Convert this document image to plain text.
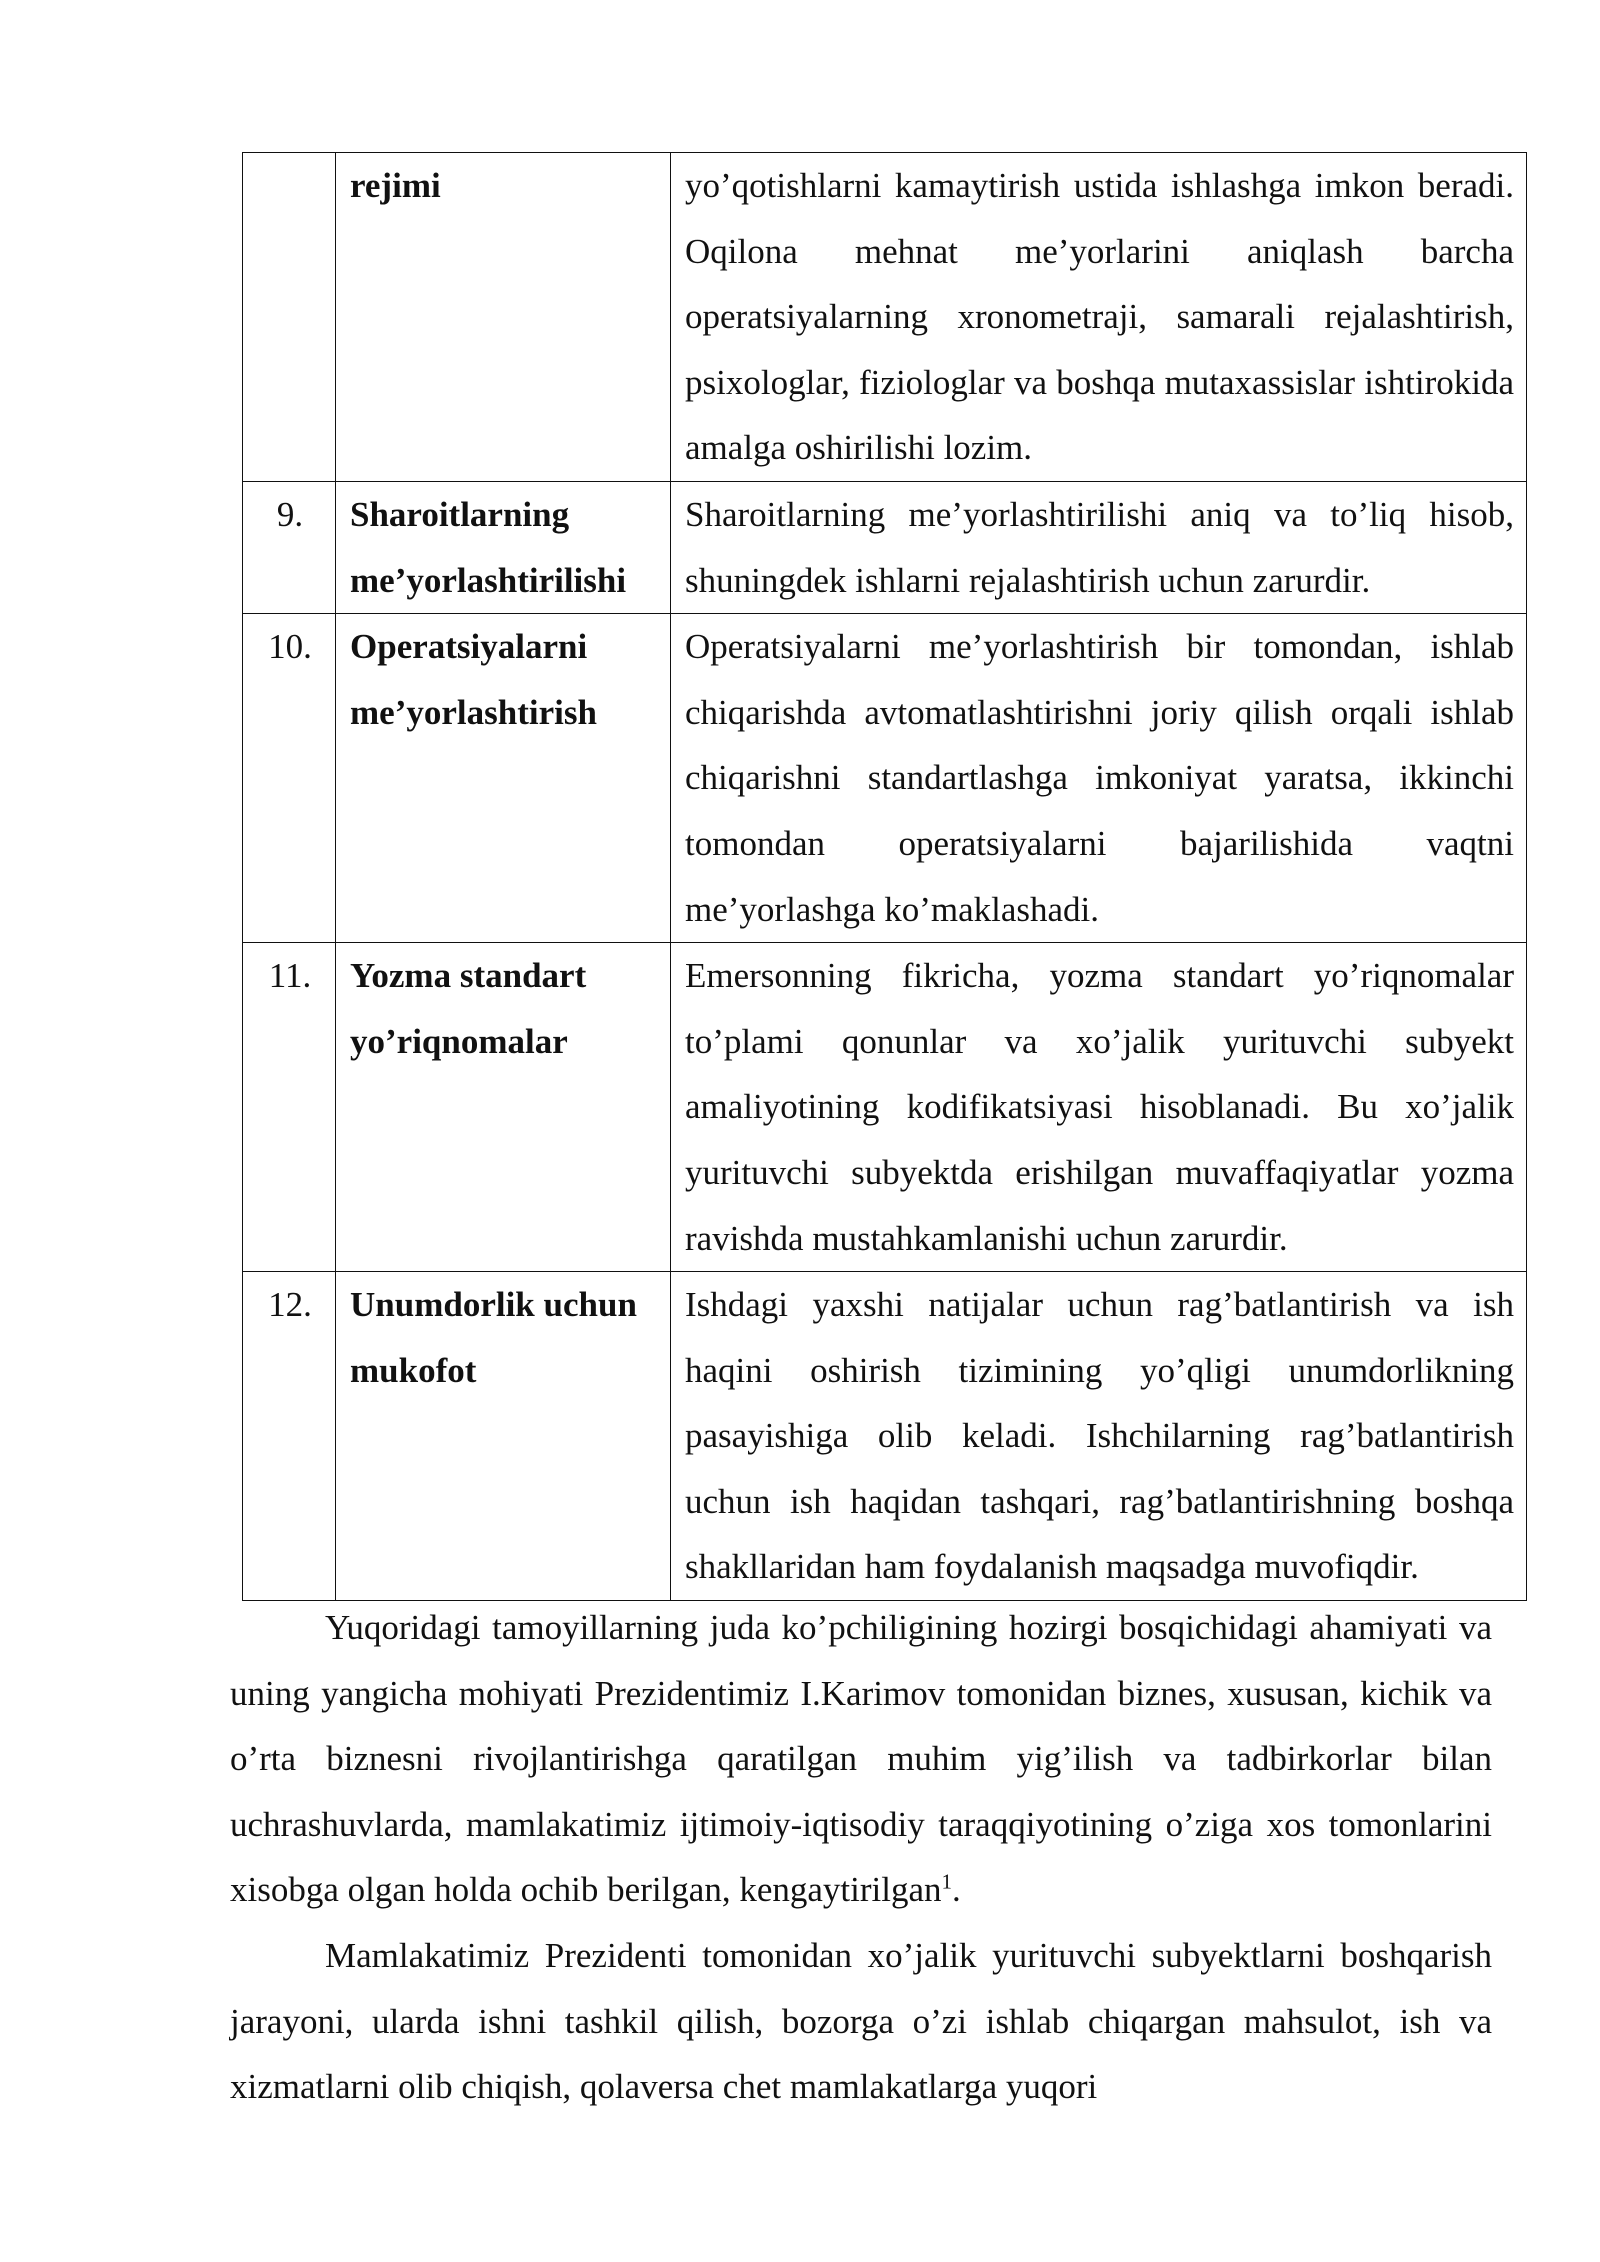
	rejimi	yo’qotishlarni kamaytirish ustida ishlashga imkon beradi. Oqilona mehnat me’yorlarini aniqlash barcha operatsiyalarning xronometraji, samarali rejalashtirish, psixologlar, fiziologlar va boshqa mutaxassislar ishtirokida amalga oshirilishi lozim.
9.	Sharoitlarning me’yorlashtirilishi	Sharoitlarning me’yorlashtirilishi aniq va to’liq hisob, shuningdek ishlarni rejalashtirish uchun zarurdir.
10.	Operatsiyalarni me’yorlashtirish	Operatsiyalarni me’yorlashtirish bir tomondan, ishlab chiqarishda avtomatlashtirishni joriy qilish orqali ishlab chiqarishni standartlashga imkoniyat yaratsa, ikkinchi tomondan operatsiyalarni bajarilishida vaqtni me’yorlashga ko’maklashadi.
11.	Yozma standart yo’riqnomalar	Emersonning fikricha, yozma standart yo’riqnomalar to’plami qonunlar va xo’jalik yurituvchi subyekt amaliyotining kodifikatsiyasi hisoblanadi. Bu xo’jalik yurituvchi subyektda erishilgan muvaffaqiyatlar yozma ravishda mustahkamlanishi uchun zarurdir.
12.	Unumdorlik uchun mukofot	Ishdagi yaxshi natijalar uchun rag’batlantirish va ish haqini oshirish tizimining yo’qligi unumdorlikning pasayishiga olib keladi. Ishchilarning rag’batlantirish uchun ish haqidan tashqari, rag’batlantirishning boshqa shakllaridan ham foydalanish maqsadga muvofiqdir.

Yuqoridagi tamoyillarning juda ko’pchiligining hozirgi bosqichidagi ahamiyati va uning yangicha mohiyati Prezidentimiz I.Karimov tomonidan biznes, xususan, kichik va o’rta biznesni rivojlantirishga qaratilgan muhim yig’ilish va tadbirkorlar bilan uchrashuvlarda, mamlakatimiz ijtimoiy-iqtisodiy taraqqiyotining o’ziga xos tomonlarini xisobga olgan holda ochib berilgan, kengaytirilgan$^1$.

Mamlakatimiz Prezidenti tomonidan xo’jalik yurituvchi subyektlarni boshqarish jarayoni, ularda ishni tashkil qilish, bozorga o’zi ishlab chiqargan mahsulot, ish va xizmatlarni olib chiqish, qolaversa chet mamlakatlarga yuqori
